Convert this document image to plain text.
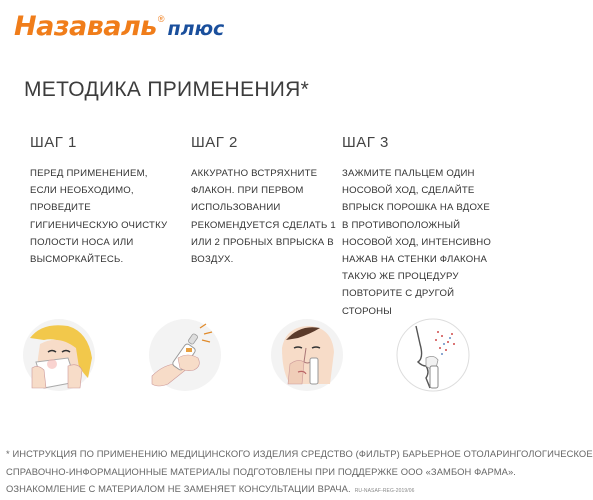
Назаваль ® плюс
МЕТОДИКА ПРИМЕНЕНИЯ*
ШАГ 1
ПЕРЕД ПРИМЕНЕНИЕМ, ЕСЛИ НЕОБХОДИМО, ПРОВЕДИТЕ ГИГИЕНИЧЕСКУЮ ОЧИСТКУ ПОЛОСТИ НОСА ИЛИ ВЫСМОРКАЙТЕСЬ.
ШАГ 2
АККУРАТНО ВСТРЯХНИТЕ ФЛАКОН. ПРИ ПЕРВОМ ИСПОЛЬЗОВАНИИ РЕКОМЕНДУЕТСЯ СДЕЛАТЬ 1 ИЛИ 2 ПРОБНЫХ ВПРЫСКА В ВОЗДУХ.
ШАГ 3
ЗАЖМИТЕ ПАЛЬЦЕМ ОДИН НОСОВОЙ ХОД, СДЕЛАЙТЕ ВПРЫСК ПОРОШКА НА ВДОХЕ В ПРОТИВОПОЛОЖНЫЙ НОСОВОЙ ХОД, ИНТЕНСИВНО НАЖАВ НА СТЕНКИ ФЛАКОНА ТАКУЮ ЖЕ ПРОЦЕДУРУ ПОВТОРИТЕ С ДРУГОЙ СТОРОНЫ
* ИНСТРУКЦИЯ ПО ПРИМЕНЕНИЮ МЕДИЦИНСКОГО ИЗДЕЛИЯ СРЕДСТВО (ФИЛЬТР) БАРЬЕРНОЕ ОТОЛАРИНГОЛОГИЧЕСКОЕ
СПРАВОЧНО-ИНФОРМАЦИОННЫЕ МАТЕРИАЛЫ ПОДГОТОВЛЕНЫ ПРИ ПОДДЕРЖКЕ ООО «ЗАМБОН ФАРМА».
ОЗНАКОМЛЕНИЕ С МАТЕРИАЛОМ НЕ ЗАМЕНЯЕТ КОНСУЛЬТАЦИИ ВРАЧА. RU-NASAF-REG-2019/06
